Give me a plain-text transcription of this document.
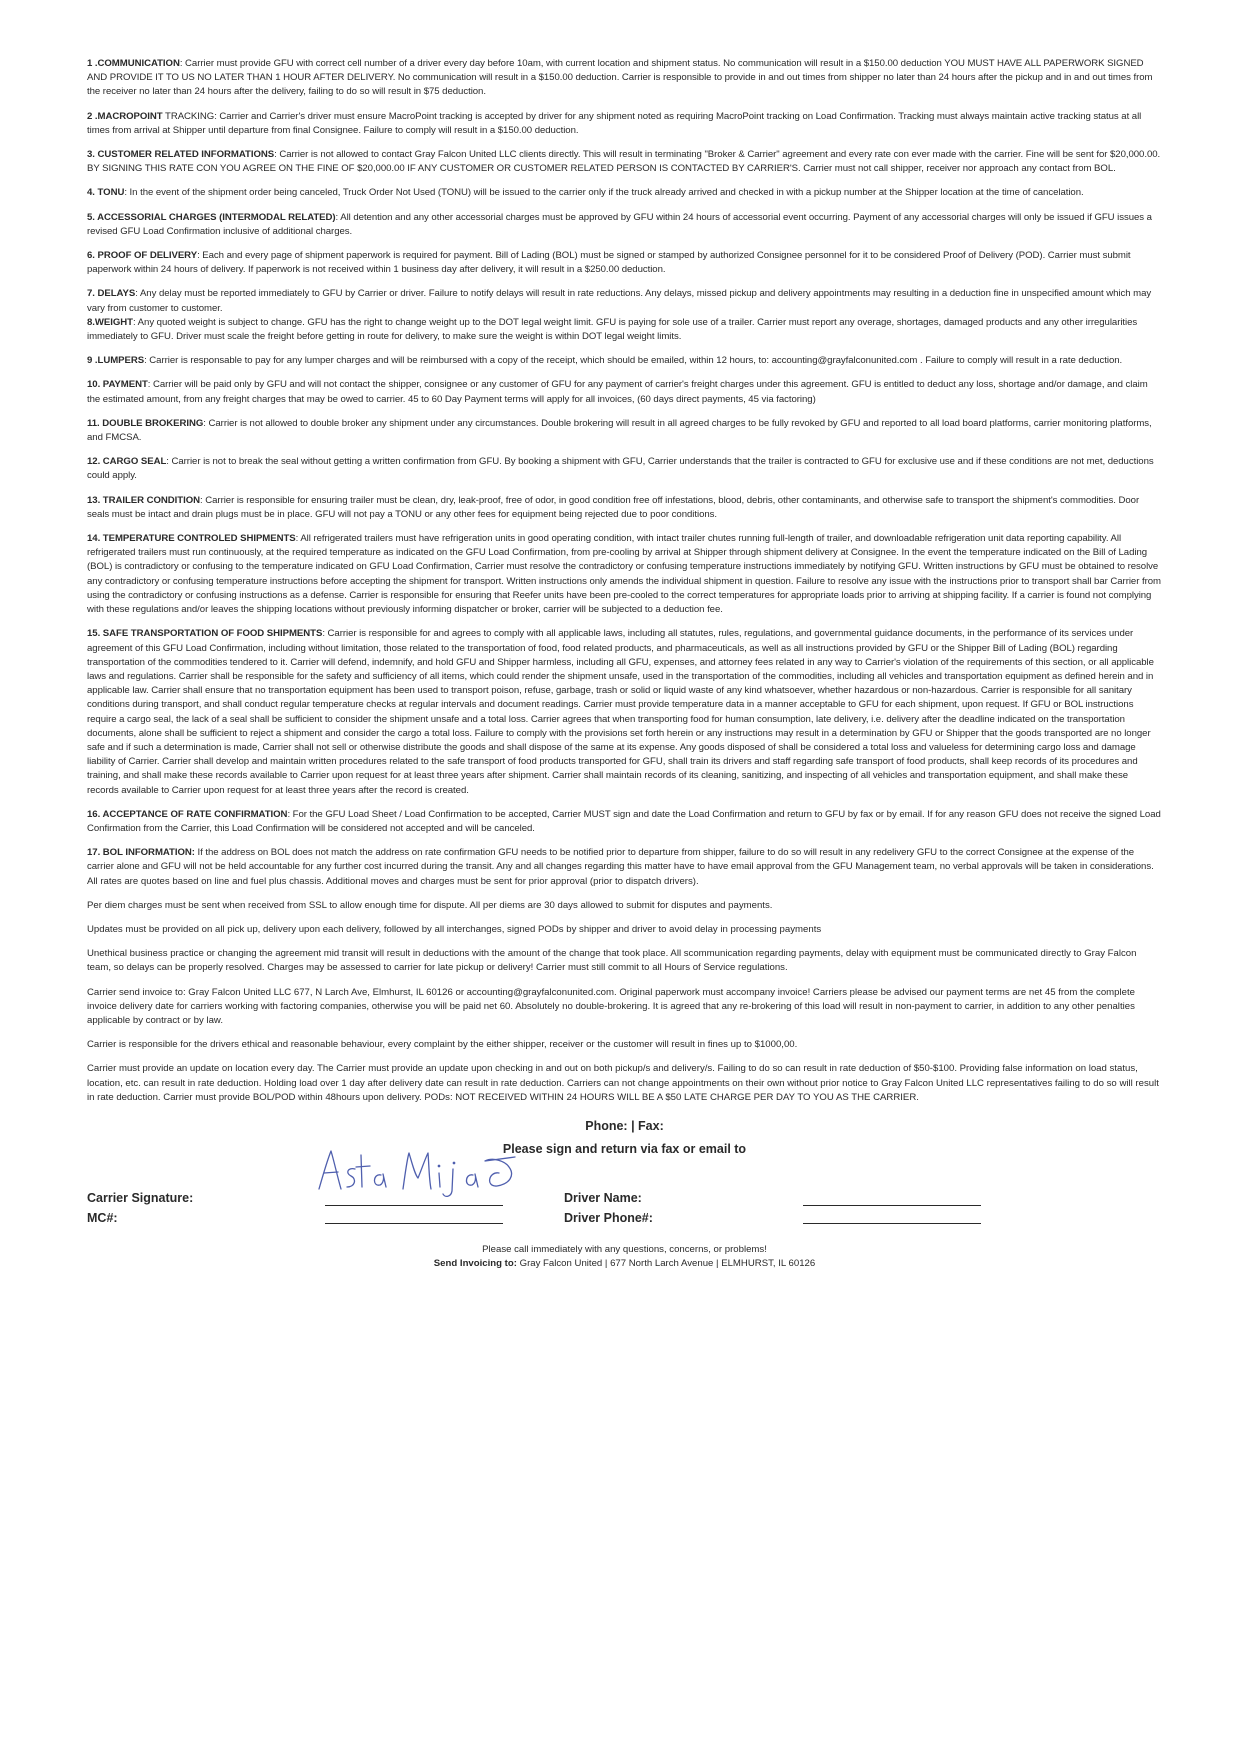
1 .COMMUNICATION: Carrier must provide GFU with correct cell number of a driver every day before 10am, with current location and shipment status. No communication will result in a $150.00 deduction YOU MUST HAVE ALL PAPERWORK SIGNED AND PROVIDE IT TO US NO LATER THAN 1 HOUR AFTER DELIVERY. No communication will result in a $150.00 deduction. Carrier is responsible to provide in and out times from shipper no later than 24 hours after the pickup and in and out times from the receiver no later than 24 hours after the delivery, failing to do so will result in $75 deduction.

2 .MACROPOINT TRACKING: Carrier and Carrier's driver must ensure MacroPoint tracking is accepted by driver for any shipment noted as requiring MacroPoint tracking on Load Confirmation. Tracking must always maintain active tracking status at all times from arrival at Shipper until departure from final Consignee. Failure to comply will result in a $150.00 deduction.

3. CUSTOMER RELATED INFORMATIONS: Carrier is not allowed to contact Gray Falcon United LLC clients directly. This will result in terminating "Broker & Carrier" agreement and every rate con ever made with the carrier. Fine will be sent for $20,000.00. BY SIGNING THIS RATE CON YOU AGREE ON THE FINE OF $20,000.00 IF ANY CUSTOMER OR CUSTOMER RELATED PERSON IS CONTACTED BY CARRIER'S. Carrier must not call shipper, receiver nor approach any contact from BOL.

4. TONU: In the event of the shipment order being canceled, Truck Order Not Used (TONU) will be issued to the carrier only if the truck already arrived and checked in with a pickup number at the Shipper location at the time of cancelation.

5. ACCESSORIAL CHARGES (INTERMODAL RELATED): All detention and any other accessorial charges must be approved by GFU within 24 hours of accessorial event occurring. Payment of any accessorial charges will only be issued if GFU issues a revised GFU Load Confirmation inclusive of additional charges.

6. PROOF OF DELIVERY: Each and every page of shipment paperwork is required for payment. Bill of Lading (BOL) must be signed or stamped by authorized Consignee personnel for it to be considered Proof of Delivery (POD). Carrier must submit paperwork within 24 hours of delivery. If paperwork is not received within 1 business day after delivery, it will result in a $250.00 deduction.

7. DELAYS: Any delay must be reported immediately to GFU by Carrier or driver. Failure to notify delays will result in rate reductions. Any delays, missed pickup and delivery appointments may resulting in a deduction fine in unspecified amount which may vary from customer to customer.

8.WEIGHT: Any quoted weight is subject to change. GFU has the right to change weight up to the DOT legal weight limit. GFU is paying for sole use of a trailer. Carrier must report any overage, shortages, damaged products and any other irregularities immediately to GFU. Driver must scale the freight before getting in route for delivery, to make sure the weight is within DOT legal weight limits.

9 .LUMPERS: Carrier is responsable to pay for any lumper charges and will be reimbursed with a copy of the receipt, which should be emailed, within 12 hours, to: accounting@grayfalconunited.com . Failure to comply will result in a rate deduction.

10. PAYMENT: Carrier will be paid only by GFU and will not contact the shipper, consignee or any customer of GFU for any payment of carrier's freight charges under this agreement. GFU is entitled to deduct any loss, shortage and/or damage, and claim the estimated amount, from any freight charges that may be owed to carrier. 45 to 60 Day Payment terms will apply for all invoices, (60 days direct payments, 45 via factoring)

11. DOUBLE BROKERING: Carrier is not allowed to double broker any shipment under any circumstances. Double brokering will result in all agreed charges to be fully revoked by GFU and reported to all load board platforms, carrier monitoring platforms, and FMCSA.

12. CARGO SEAL: Carrier is not to break the seal without getting a written confirmation from GFU. By booking a shipment with GFU, Carrier understands that the trailer is contracted to GFU for exclusive use and if these conditions are not met, deductions could apply.

13. TRAILER CONDITION: Carrier is responsible for ensuring trailer must be clean, dry, leak-proof, free of odor, in good condition free off infestations, blood, debris, other contaminants, and otherwise safe to transport the shipment's commodities. Door seals must be intact and drain plugs must be in place. GFU will not pay a TONU or any other fees for equipment being rejected due to poor conditions.

14. TEMPERATURE CONTROLED SHIPMENTS: All refrigerated trailers must have refrigeration units in good operating condition, with intact trailer chutes running full-length of trailer, and downloadable refrigeration unit data reporting capability. All refrigerated trailers must run continuously, at the required temperature as indicated on the GFU Load Confirmation, from pre-cooling by arrival at Shipper through shipment delivery at Consignee. In the event the temperature indicated on the Bill of Lading (BOL) is contradictory or confusing to the temperature indicated on GFU Load Confirmation, Carrier must resolve the contradictory or confusing temperature instructions immediately by notifying GFU. Written instructions by GFU must be obtained to resolve any contradictory or confusing temperature instructions before accepting the shipment for transport. Written instructions only amends the individual shipment in question. Failure to resolve any issue with the instructions prior to transport shall bar Carrier from using the contradictory or confusing instructions as a defense. Carrier is responsible for ensuring that Reefer units have been pre-cooled to the correct temperatures for appropriate loads prior to arriving at shipping facility. If a carrier is found not complying with these regulations and/or leaves the shipping locations without previously informing dispatcher or broker, carrier will be subjected to a deduction fee.

15. SAFE TRANSPORTATION OF FOOD SHIPMENTS: Carrier is responsible for and agrees to comply with all applicable laws, including all statutes, rules, regulations, and governmental guidance documents, in the performance of its services under agreement of this GFU Load Confirmation, including without limitation, those related to the transportation of food, food related products, and pharmaceuticals, as well as all instructions provided by GFU or the Shipper Bill of Lading (BOL) regarding transportation of the commodities tendered to it. Carrier will defend, indemnify, and hold GFU and Shipper harmless, including all GFU, expenses, and attorney fees related in any way to Carrier's violation of the requirements of this section, or all applicable laws and regulations. Carrier shall be responsible for the safety and sufficiency of all items, which could render the shipment unsafe, used in the transportation of the commodities, including all vehicles and transportation equipment as defined herein and in applicable law. Carrier shall ensure that no transportation equipment has been used to transport poison, refuse, garbage, trash or solid or liquid waste of any kind whatsoever, whether hazardous or non-hazardous. Carrier is responsible for all sanitary conditions during transport, and shall conduct regular temperature checks at regular intervals and document readings. Carrier must provide temperature data in a manner acceptable to GFU for each shipment, upon request. If GFU or BOL instructions require a cargo seal, the lack of a seal shall be sufficient to consider the shipment unsafe and a total loss. Carrier agrees that when transporting food for human consumption, late delivery, i.e. delivery after the deadline indicated on the transportation documents, alone shall be sufficient to reject a shipment and consider the cargo a total loss. Failure to comply with the provisions set forth herein or any instructions may result in a determination by GFU or Shipper that the goods transported are no longer safe and if such a determination is made, Carrier shall not sell or otherwise distribute the goods and shall dispose of the same at its expense. Any goods disposed of shall be considered a total loss and valueless for determining cargo loss and damage liability of Carrier. Carrier shall develop and maintain written procedures related to the safe transport of food products transported for GFU, shall train its drivers and staff regarding safe transport of food products, shall keep records of its procedures and training, and shall make these records available to Carrier upon request for at least three years after shipment. Carrier shall maintain records of its cleaning, sanitizing, and inspecting of all vehicles and transportation equipment, and shall make these records available to Carrier upon request for at least three years after the record is created.

16. ACCEPTANCE OF RATE CONFIRMATION: For the GFU Load Sheet / Load Confirmation to be accepted, Carrier MUST sign and date the Load Confirmation and return to GFU by fax or by email. If for any reason GFU does not receive the signed Load Confirmation from the Carrier, this Load Confirmation will be considered not accepted and will be canceled.

17. BOL INFORMATION: If the address on BOL does not match the address on rate confirmation GFU needs to be notified prior to departure from shipper, failure to do so will result in any redelivery GFU to the correct Consignee at the expense of the carrier alone and GFU will not be held accountable for any further cost incurred during the transit. Any and all changes regarding this matter have to have email approval from the GFU Management team, no verbal approvals will be taken in considerations.

All rates are quotes based on line and fuel plus chassis. Additional moves and charges must be sent for prior approval (prior to dispatch drivers).

Per diem charges must be sent when received from SSL to allow enough time for dispute. All per diems are 30 days allowed to submit for disputes and payments.

Updates must be provided on all pick up, delivery upon each delivery, followed by all interchanges, signed PODs by shipper and driver to avoid delay in processing payments

Unethical business practice or changing the agreement mid transit will result in deductions with the amount of the change that took place. All scommunication regarding payments, delay with equipment must be communicated directly to Gray Falcon team, so delays can be properly resolved. Charges may be assessed to carrier for late pickup or delivery! Carrier must still commit to all Hours of Service regulations.

Carrier send invoice to: Gray Falcon United LLC 677, N Larch Ave, Elmhurst, IL 60126 or accounting@grayfalconunited.com. Original paperwork must accompany invoice! Carriers please be advised our payment terms are net 45 from the complete invoice delivery date for carriers working with factoring companies, otherwise you will be paid net 60. Absolutely no double-brokering. It is agreed that any re-brokering of this load will result in non-payment to carrier, in addition to any other penalties applicable by contract or by law.

Carrier is responsible for the drivers ethical and reasonable behaviour, every complaint by the either shipper, receiver or the customer will result in fines up to $1000,00.

Carrier must provide an update on location every day. The Carrier must provide an update upon checking in and out on both pickup/s and delivery/s. Failing to do so can result in rate deduction of $50-$100. Providing false information on load status, location, etc. can result in rate deduction. Holding load over 1 day after delivery date can result in rate deduction. Carriers can not change appointments on their own without prior notice to Gray Falcon United LLC representatives failing to do so will result in rate deduction. Carrier must provide BOL/POD within 48hours upon delivery. PODs: NOT RECEIVED WITHIN 24 HOURS WILL BE A $50 LATE CHARGE PER DAY TO YOU AS THE CARRIER.

Phone: | Fax:
Please sign and return via fax or email to
Carrier Signature:
MC#:
Driver Name:
Driver Phone#:
Please call immediately with any questions, concerns, or problems!
Send Invoicing to: Gray Falcon United | 677 North Larch Avenue | ELMHURST, IL 60126
